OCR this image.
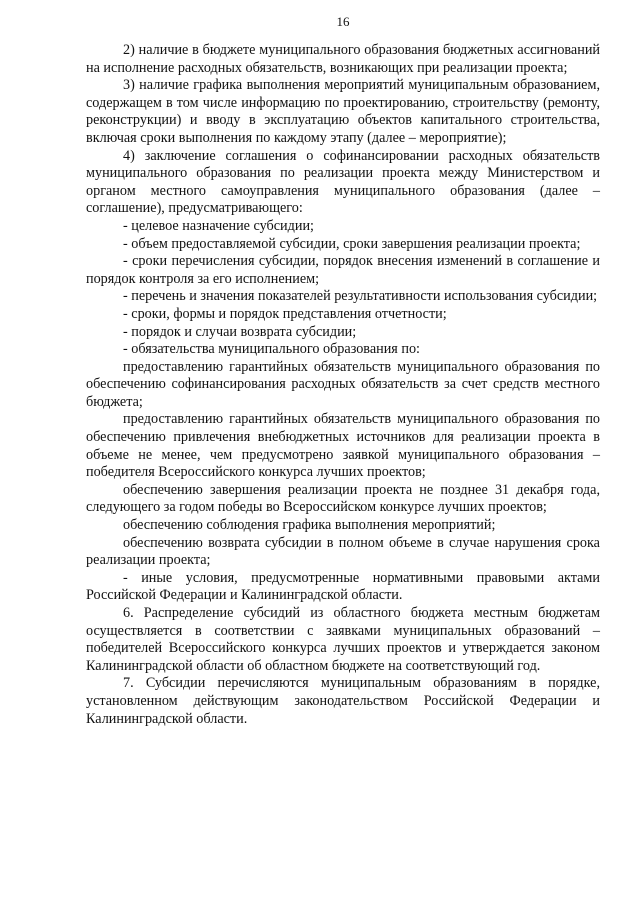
16

2) наличие в бюджете муниципального образования бюджетных ассигнований на исполнение расходных обязательств, возникающих при реализации проекта;

3) наличие графика выполнения мероприятий муниципальным образованием, содержащем в том числе информацию по проектированию, строительству (ремонту, реконструкции) и вводу в эксплуатацию объектов капитального строительства, включая сроки выполнения по каждому этапу (далее – мероприятие);

4) заключение соглашения о софинансировании расходных обязательств муниципального образования по реализации проекта между Министерством и органом местного самоуправления муниципального образования (далее – соглашение), предусматривающего:

- целевое назначение субсидии;

- объем предоставляемой субсидии, сроки завершения реализации проекта;

- сроки перечисления субсидии, порядок внесения изменений в соглашение и порядок контроля за его исполнением;

- перечень и значения показателей результативности использования субсидии;

- сроки, формы и порядок представления отчетности;

- порядок и случаи возврата субсидии;

- обязательства муниципального образования по:

предоставлению гарантийных обязательств муниципального образования по обеспечению софинансирования расходных обязательств за счет средств местного бюджета;

предоставлению гарантийных обязательств муниципального образования по обеспечению привлечения внебюджетных источников для реализации проекта в объеме не менее, чем предусмотрено заявкой муниципального образования – победителя Всероссийского конкурса лучших проектов;

обеспечению завершения реализации проекта не позднее 31 декабря года, следующего за годом победы во Всероссийском конкурсе лучших проектов;

обеспечению соблюдения графика выполнения мероприятий;

обеспечению возврата субсидии в полном объеме в случае нарушения срока реализации проекта;

- иные условия, предусмотренные нормативными правовыми актами Российской Федерации и Калининградской области.

6. Распределение субсидий из областного бюджета местным бюджетам осуществляется в соответствии с заявками муниципальных образований – победителей Всероссийского конкурса лучших проектов и утверждается законом Калининградской области об областном бюджете на соответствующий год.

7. Субсидии перечисляются муниципальным образованиям в порядке, установленном действующим законодательством Российской Федерации и Калининградской области.
